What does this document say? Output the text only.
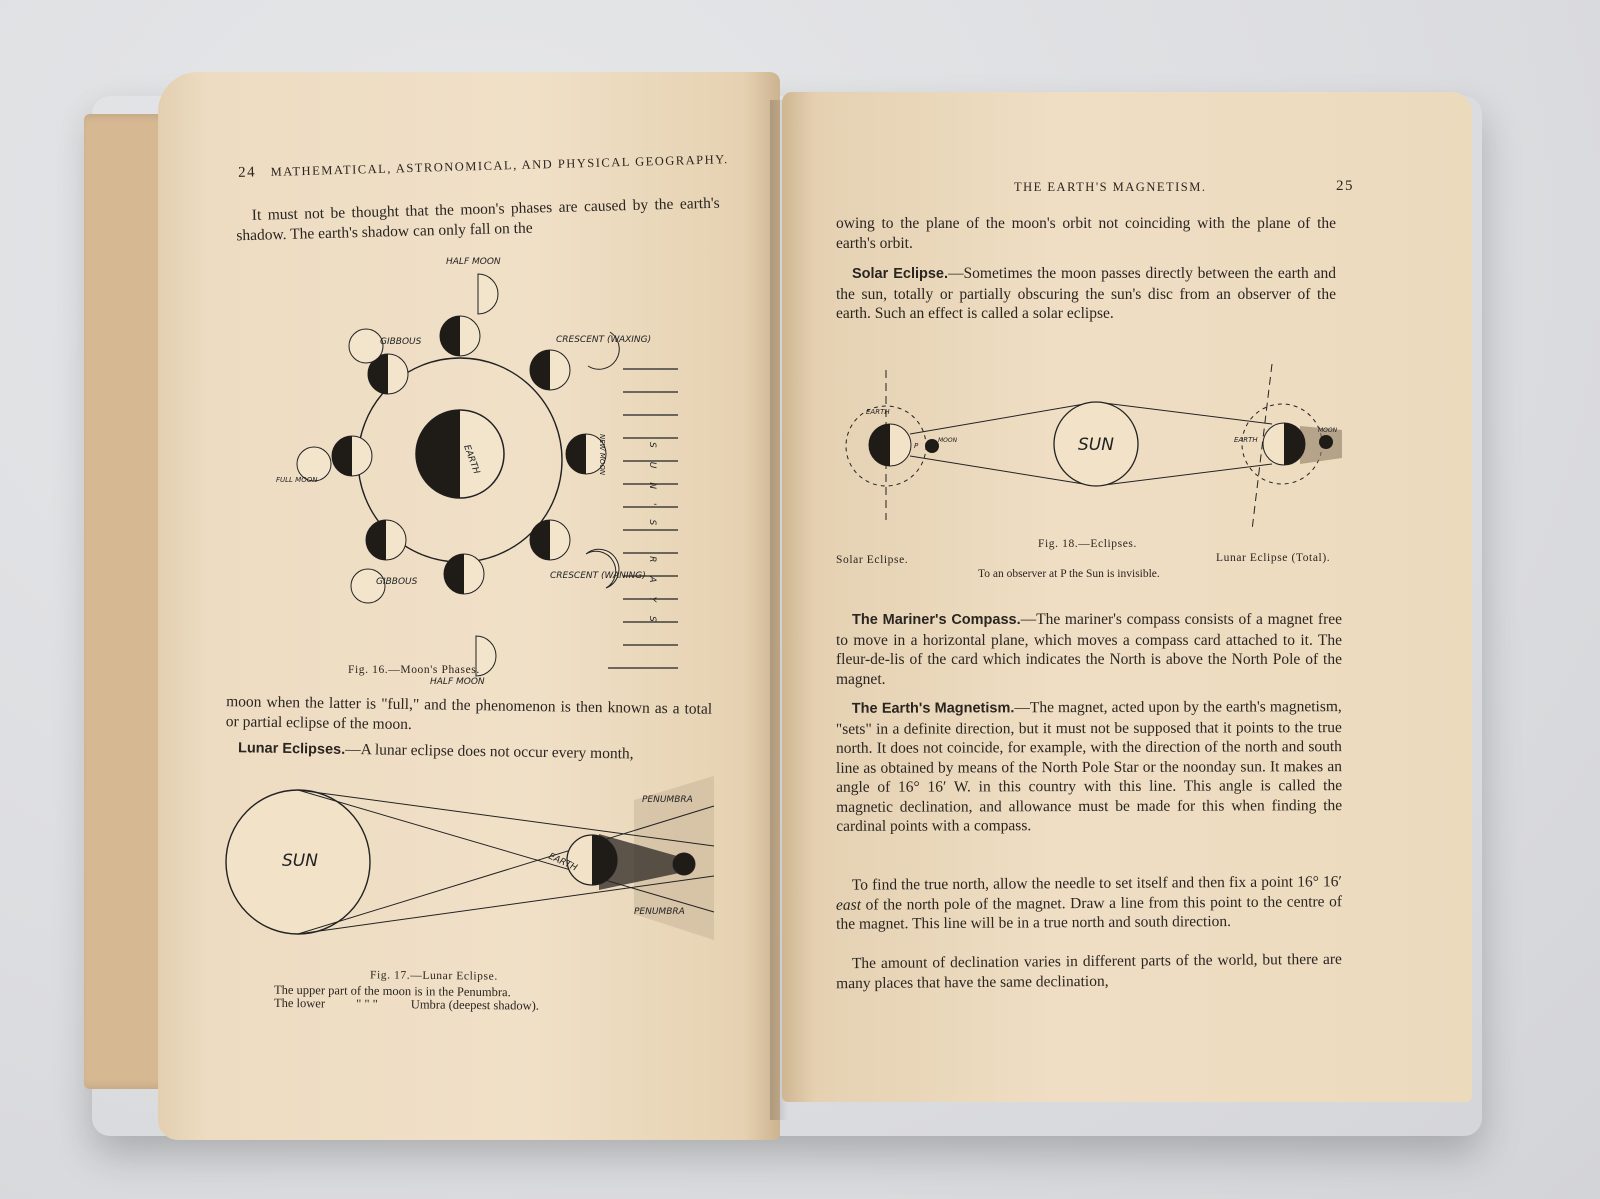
24 MATHEMATICAL, ASTRONOMICAL, AND PHYSICAL GEOGRAPHY.
It must not be thought that the moon's phases are caused by the earth's shadow. The earth's shadow can only fall on the
EARTH
HALF MOON
HALF MOON
GIBBOUS
GIBBOUS
CRESCENT (WAXING)
CRESCENT (WANING)
FULL MOON
NEW MOON	SUN'S RAYS
Fig. 16.—Moon's Phases.
moon when the latter is "full," and the phenomenon is then known as a total or partial eclipse of the moon.
Lunar Eclipses.—A lunar eclipse does not occur every month,
SUN	EARTH
PENUMBRA
PENUMBRA
Fig. 17.—Lunar Eclipse.
The upper part of the moon is in the Penumbra.
The lower " " "	Umbra (deepest shadow).
THE EARTH'S MAGNETISM.	25
owing to the plane of the moon's orbit not coinciding with the plane of the earth's orbit.
Solar Eclipse.—Sometimes the moon passes directly between the earth and the sun, totally or partially obscuring the sun's disc from an observer of the earth. Such an effect is called a solar eclipse.
SUN
EARTH
MOON
P
EARTH
MOON
Fig. 18.—Eclipses.
Solar Eclipse.	Lunar Eclipse (Total).
To an observer at P the Sun is invisible.
The Mariner's Compass.—The mariner's compass consists of a magnet free to move in a horizontal plane, which moves a compass card attached to it. The fleur-de-lis of the card which indicates the North is above the North Pole of the magnet.
The Earth's Magnetism.—The magnet, acted upon by the earth's magnetism, "sets" in a definite direction, but it must not be supposed that it points to the true north. It does not coincide, for example, with the direction of the north and south line as obtained by means of the North Pole Star or the noonday sun. It makes an angle of 16° 16′ W. in this country with this line. This angle is called the magnetic declination, and allowance must be made for this when finding the cardinal points with a compass.
To find the true north, allow the needle to set itself and then fix a point 16° 16′ east of the north pole of the magnet. Draw a line from this point to the centre of the magnet. This line will be in a true north and south direction.
The amount of declination varies in different parts of the world, but there are many places that have the same declination,
